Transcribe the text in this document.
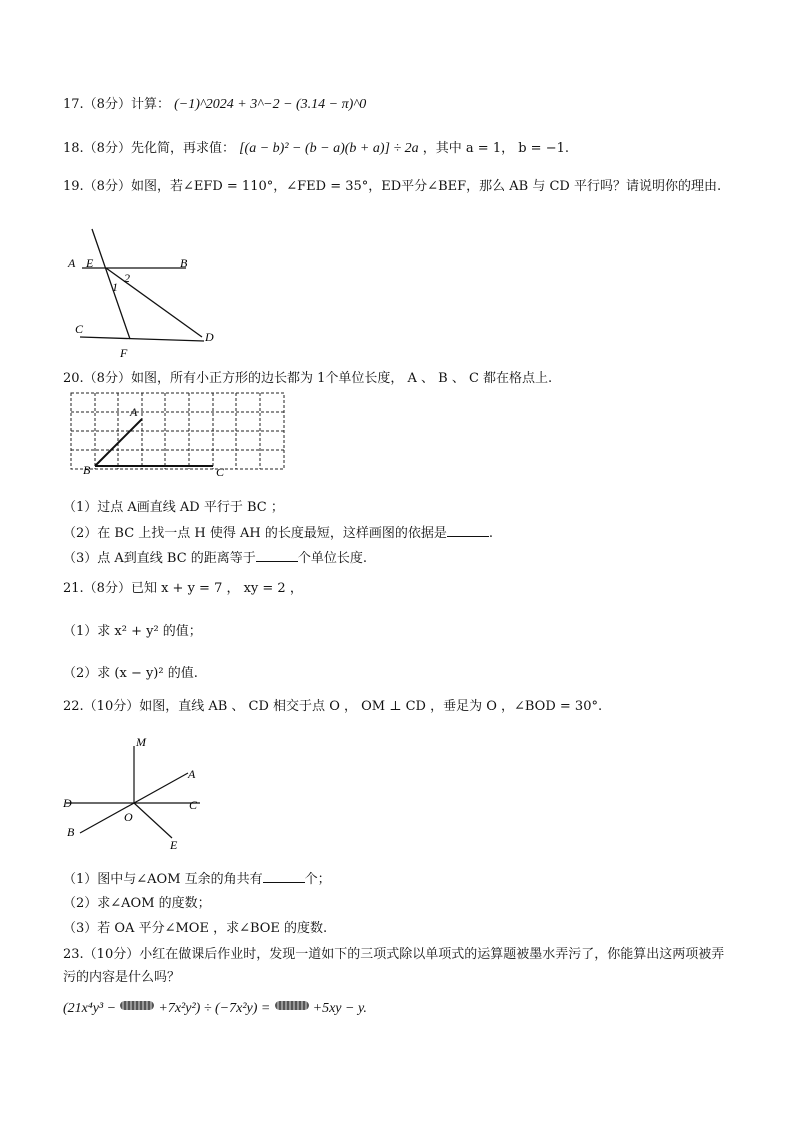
17.（8分）计算： (−1)^2024 + 3^−2 − (3.14 − π)^0
18.（8分）先化简，再求值： [(a − b)² − (b − a)(b + a)] ÷ 2a ，其中 a = 1， b = −1.
19.（8分）如图，若∠EFD = 110°，∠FED = 35°，ED平分∠BEF，那么 AB 与 CD 平行吗？请说明你的理由.
A E	B
C
F
D
1
2
20.（8分）如图，所有小正方形的边长都为 1个单位长度， A 、 B 、 C 都在格点上.
A
B	C
（1）过点 A画直线 AD 平行于 BC ；
（2）在 BC 上找一点 H 使得 AH 的长度最短，这样画图的依据是	.
（3）点 A到直线 BC 的距离等于	个单位长度.
21.（8分）已知 x + y = 7 ， xy = 2 ，
（1）求 x² + y² 的值；
（2）求 (x − y)² 的值.
22.（10分）如图，直线 AB 、 CD 相交于点 O ， OM ⊥ CD ，垂足为 O ，∠BOD = 30°.
M
A
D	C
O
B
E
（1）图中与∠AOM 互余的角共有	个；
（2）求∠AOM 的度数；
（3）若 OA 平分∠MOE ，求∠BOE 的度数.
23.（10分）小红在做课后作业时，发现一道如下的三项式除以单项式的运算题被墨水弄污了，你能算出这两项被弄污的内容是什么吗？
(21x⁴y³ −	+7x²y²) ÷ (−7x²y) =	+5xy − y.
